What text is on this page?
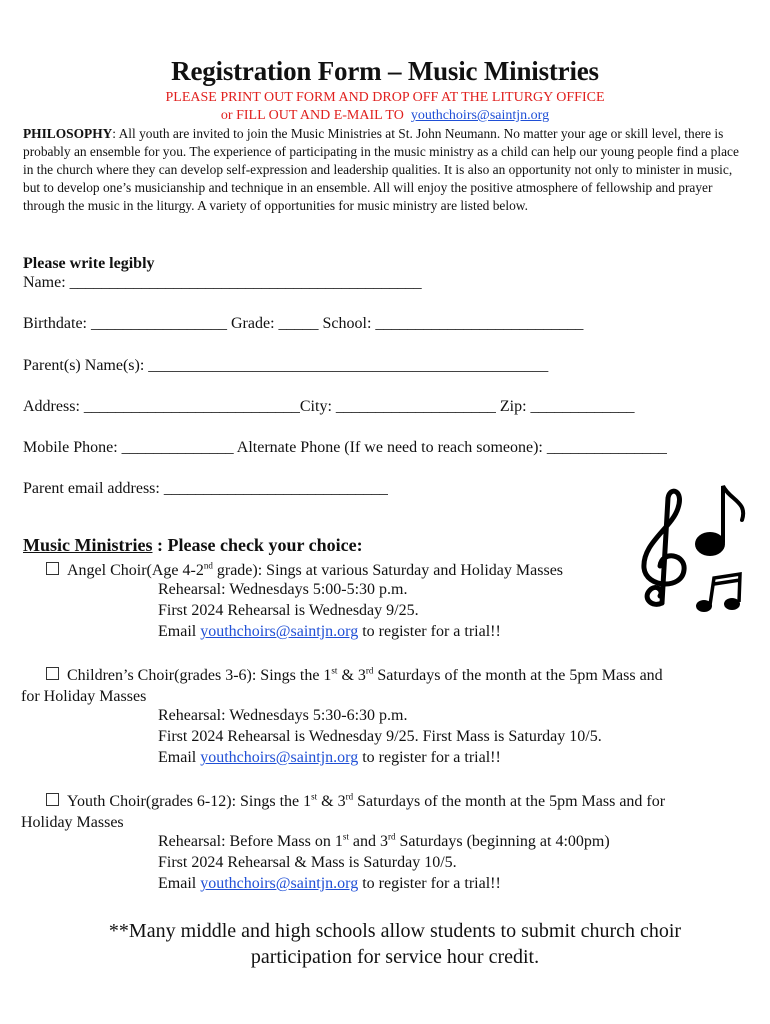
Registration Form – Music Ministries
PLEASE PRINT OUT FORM AND DROP OFF AT THE LITURGY OFFICE
or FILL OUT AND E-MAIL TO youthchoirs@saintjn.org
PHILOSOPHY: All youth are invited to join the Music Ministries at St. John Neumann. No matter your age or skill level, there is probably an ensemble for you. The experience of participating in the music ministry as a child can help our young people find a place in the church where they can develop self-expression and leadership qualities. It is also an opportunity not only to minister in music, but to develop one’s musicianship and technique in an ensemble. All will enjoy the positive atmosphere of fellowship and prayer through the music in the liturgy. A variety of opportunities for music ministry are listed below.
Please write legibly
Name: ____________________________________________
Birthdate: _________________ Grade: _____ School: __________________________
Parent(s) Name(s): __________________________________________________
Address: ___________________________City: ____________________ Zip: _____________
Mobile Phone: ______________ Alternate Phone (If we need to reach someone): _______________
Parent email address: ____________________________
Music Ministries : Please check your choice:
Angel Choir(Age 4-2nd grade): Sings at various Saturday and Holiday Masses
Rehearsal: Wednesdays 5:00-5:30 p.m.
First 2024 Rehearsal is Wednesday 9/25.
Email youthchoirs@saintjn.org to register for a trial!!
Children’s Choir(grades 3-6): Sings the 1st & 3rd Saturdays of the month at the 5pm Mass and
for Holiday Masses
Rehearsal: Wednesdays 5:30-6:30 p.m.
First 2024 Rehearsal is Wednesday 9/25. First Mass is Saturday 10/5.
Email youthchoirs@saintjn.org to register for a trial!!
Youth Choir(grades 6-12): Sings the 1st & 3rd Saturdays of the month at the 5pm Mass and for
Holiday Masses
Rehearsal: Before Mass on 1st and 3rd Saturdays (beginning at 4:00pm)
First 2024 Rehearsal & Mass is Saturday 10/5.
Email youthchoirs@saintjn.org to register for a trial!!
**Many middle and high schools allow students to submit church choir
participation for service hour credit.
